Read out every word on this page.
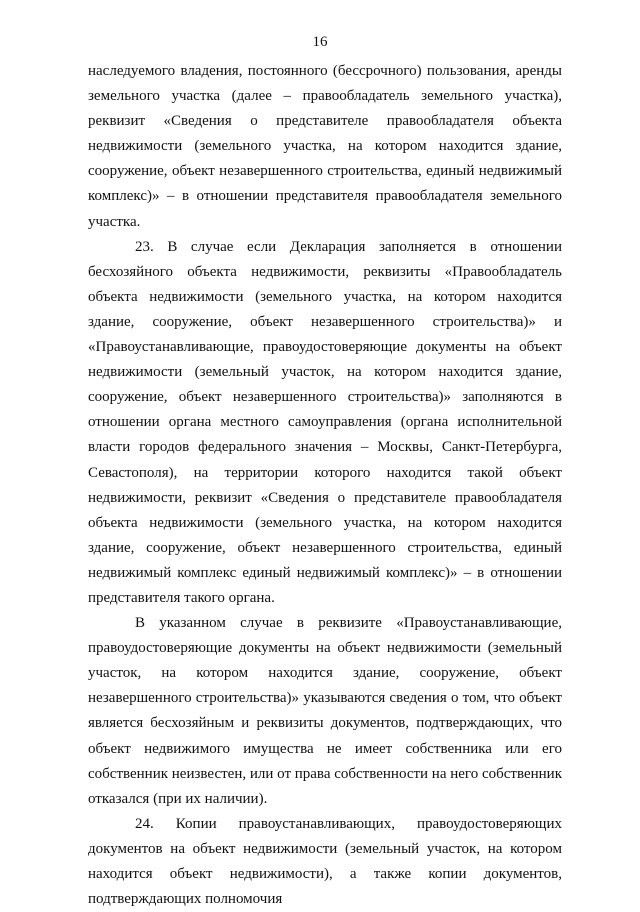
16

наследуемого владения, постоянного (бессрочного) пользования, аренды земельного участка (далее – правообладатель земельного участка), реквизит «Сведения о представителе правообладателя объекта недвижимости (земельного участка, на котором находится здание, сооружение, объект незавершенного строительства, единый недвижимый комплекс)» – в отношении представителя правообладателя земельного участка.

23. В случае если Декларация заполняется в отношении бесхозяйного объекта недвижимости, реквизиты «Правообладатель объекта недвижимости (земельного участка, на котором находится здание, сооружение, объект незавершенного строительства)» и «Правоустанавливающие, правоудостоверяющие документы на объект недвижимости (земельный участок, на котором находится здание, сооружение, объект незавершенного строительства)» заполняются в отношении органа местного самоуправления (органа исполнительной власти городов федерального значения – Москвы, Санкт-Петербурга, Севастополя), на территории которого находится такой объект недвижимости, реквизит «Сведения о представителе правообладателя объекта недвижимости (земельного участка, на котором находится здание, сооружение, объект незавершенного строительства, единый недвижимый комплекс единый недвижимый комплекс)» – в отношении представителя такого органа.

В указанном случае в реквизите «Правоустанавливающие, правоудостоверяющие документы на объект недвижимости (земельный участок, на котором находится здание, сооружение, объект незавершенного строительства)» указываются сведения о том, что объект является бесхозяйным и реквизиты документов, подтверждающих, что объект недвижимого имущества не имеет собственника или его собственник неизвестен, или от права собственности на него собственник отказался (при их наличии).

24. Копии правоустанавливающих, правоудостоверяющих документов на объект недвижимости (земельный участок, на котором находится объект недвижимости), а также копии документов, подтверждающих полномочия
